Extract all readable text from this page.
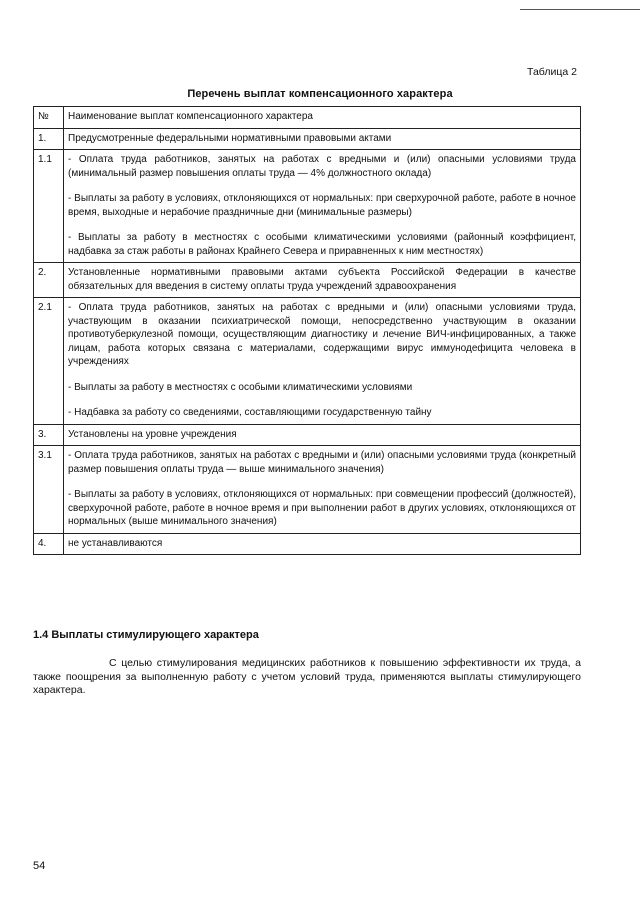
Таблица 2
Перечень выплат компенсационного характера
№	Наименование выплат компенсационного характера
1.	Предусмотренные федеральными нормативными правовыми актами

1.1	- Оплата труда работников, занятых на работах с вредными и (или) опасными условиями труда (минимальный размер повышения оплаты труда — 4% должностного оклада)

- Выплаты за работу в условиях, отклоняющихся от нормальных: при сверхурочной работе, работе в ночное время, выходные и нерабочие праздничные дни (минимальные размеры)

- Выплаты за работу в местностях с особыми климатическими условиями (районный коэффициент, надбавка за стаж работы в районах Крайнего Севера и приравненных к ним местностях)

2.	Установленные нормативными правовыми актами субъекта Российской Федерации в качестве обязательных для введения в систему оплаты труда учреждений здравоохранения

2.1	- Оплата труда работников, занятых на работах с вредными и (или) опасными условиями труда, участвующим в оказании психиатрической помощи, непосредственно участвующим в оказании противотуберкулезной помощи, осуществляющим диагностику и лечение ВИЧ-инфицированных, а также лицам, работа которых связана с материалами, содержащими вирус иммунодефицита человека в учреждениях

- Выплаты за работу в местностях с особыми климатическими условиями

- Надбавка за работу со сведениями, составляющими государственную тайну

3.	Установлены на уровне учреждения

3.1	- Оплата труда работников, занятых на работах с вредными и (или) опасными условиями труда (конкретный размер повышения оплаты труда — выше минимального значения)

- Выплаты за работу в условиях, отклоняющихся от нормальных: при совмещении профессий (должностей), сверхурочной работе, работе в ночное время и при выполнении работ в других условиях, отклоняющихся от нормальных (выше минимального значения)

4.	не устанавливаются

1.4 Выплаты стимулирующего характера

С целью стимулирования медицинских работников к повышению эффективности их труда, а также поощрения за выполненную работу с учетом условий труда, применяются выплаты стимулирующего характера.

54
